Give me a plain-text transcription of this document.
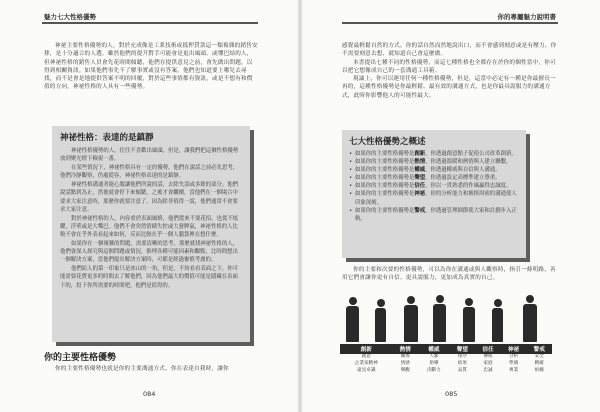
魅力七大性格優勢

神祕主要性格優勢的人，對於充成像是工業技術或抵押貸款這一類複雜的銷售安排，是十分適合的人選。雖然他們的提升對手可能會是更出風頭、或懂巴結的人，但神祕性格的銷售人員會先花時間傾聽，他們在提供意見之前，會先做出問題，以得到相關資訊。如果他們事先不了解事實或沒有答案，他們也知道要上哪兒去尋找，而不是會是地提供答案不明的回覆，對於這些事情都有資訊，或是不想有和價值的方向。神祕性格的人具有一些優勢。

神祕性格：表達的是鎮靜

神祕性格優勢的人，往往不喜歡出風頭，但是，讓我們把這個性格優勢放到聚光燈下檢視一番。

在某些情況下，神祕性格具有一定的優勢，他們在說話之前必先思考，他們冷靜觀察，仍處從容，神祕性格表達的是鎮靜。

神祕性格溝通者能心服讓他們所說的話，去除失誤或多餘的部分。他們說話點到為止，然後就會停下來傾聽，之後才會繼續，當他們在一個場合中要求大家注意時，那麼你就要注意了，因為除非值得一說，他們通常不會要求大家注意。

對於神祕性格的人，內容重於表面風格，他們從來不要花招，也從不炫耀，浮華或是大嘴巴。他們不會突然情緒失控或大發脾氣，神祕性格的人比較不會在乎外表看起來如何，反而比較在乎一個人腦袋裡在想什麼。

如果你在一個複雜的問題，需要清晰的思考，那麼就找神祕性格的人，他們會深入探究與這個問題或情況，推理各種可能因素和觀點，比時間想出一個解決方案，當他們提出解決方案時，可都是經過審慎考慮的。

他們給人的第一印象只是冰山的一角，但是，不妨看看表面之下，你可能需要花費更多的時間去了解他們，因為他們最大的價值可能是隱藏在表面下的，投下你所需要的時間吧，他們是值得的。

你的主要性格優勢

你的主要性格優勢也就是你的主要溝通方式，你在表達自我時，讓你

084
你的專屬魅力說明書

感覺最輕鬆自然的方式，你的話自然而然地說出口，而不會感到刻意或是有壓力。你不需要刻意去想，就知道自己會這麼做。

本書提出七種不同的性格優勢，而這七種性格也全都存在於你的個性當中，你可以把它想像成自己的一套溝通工具箱。

現論上，你可以運用任何一種性格優勢，但是，這當中必定有一種是你最擅長一再的，這種性格優勢是你最輕鬆、最有效的溝通方式，也是你最具說服力的溝通方式，此時你影響他人的可能性最大。

七大性格優勢之概述
• 如果你的主要性格優勢是創新，你透過創意點子促使公司改革創新。
• 如果你的主要性格優勢是熱情，你透過溫暖和熱情與人建立聯繫。
• 如果你的主要性格優勢是權威，你透過權威與自信與人溝通。
• 如果你的主要性格優勢是聲望，你透過設定高標準建立尊重。
• 如果你的主要性格優勢是信任，你以一貫熟悉的作風贏得忠誠度。
• 如果你的主要性格優勢是神祕，你的分析能力和審慎周密的溝通使人印象深刻。
• 如果你的主要性格優勢是警戒，你透過管理細節使大家和計劃步入正軌。

你的主要和次要的性格優勢，可以為你在溝通或與人觀察時，指引一條明路，善用它們會讓你更有自信、更具說服力，更加成為真實的自己。

創新	熱情	權威	聲望	信任	神祕	警戒
創意	關係	人脈	排序	傳統	分析	安全
企業家精神	情感	領導	結果	家庭	準備	精確
遠見卓識	樂觀	決斷力	品質	忠誠	專業	組織
085
